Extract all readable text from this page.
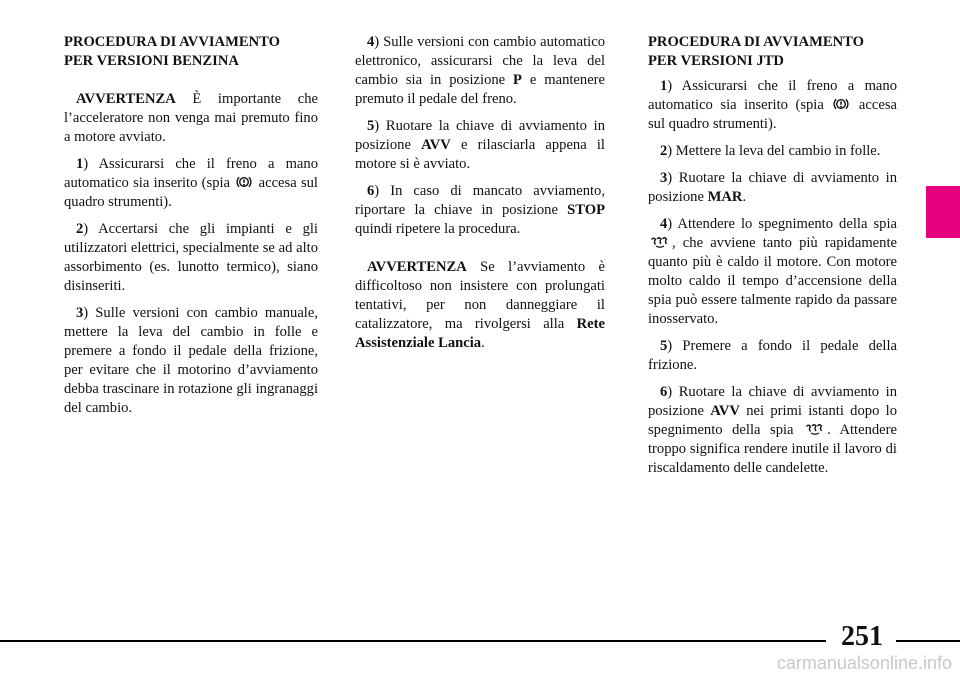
PROCEDURA DI AVVIAMENTO
PER VERSIONI BENZINA

AVVERTENZA È importante che l’acceleratore non venga mai premuto fino a motore avviato.

1) Assicurarsi che il freno a mano automatico sia inserito (spia  accesa sul quadro strumenti).

2) Accertarsi che gli impianti e gli utilizzatori elettrici, specialmente se ad alto assorbimento (es. lunotto termico), siano disinseriti.

3) Sulle versioni con cambio manuale, mettere la leva del cambio in folle e premere a fondo il pedale della frizione, per evitare che il motorino d’avviamento debba trascinare in rotazione gli ingranaggi del cambio.

4) Sulle versioni con cambio automatico elettronico, assicurarsi che la leva del cambio sia in posizione P e mantenere premuto il pedale del freno.

5) Ruotare la chiave di avviamento in posizione AVV e rilasciarla appena il motore si è avviato.

6) In caso di mancato avviamento, riportare la chiave in posizione STOP quindi ripetere la procedura.

AVVERTENZA Se l’avviamento è difficoltoso non insistere con prolungati tentativi, per non danneggiare il catalizzatore, ma rivolgersi alla Rete Assistenziale Lancia.

PROCEDURA DI AVVIAMENTO
PER VERSIONI JTD

1) Assicurarsi che il freno a mano automatico sia inserito (spia  accesa sul quadro strumenti).

2) Mettere la leva del cambio in folle.

3) Ruotare la chiave di avviamento in posizione MAR.

4) Attendere lo spegnimento della spia , che avviene tanto più rapidamente quanto più è caldo il motore. Con motore molto caldo il tempo d’accensione della spia può essere talmente rapido da passare inosservato.

5) Premere a fondo il pedale della frizione.

6) Ruotare la chiave di avviamento in posizione AVV nei primi istanti dopo lo spegnimento della spia . Attendere troppo significa rendere inutile il lavoro di riscaldamento delle candelette.

251
carmanualsonline.info
